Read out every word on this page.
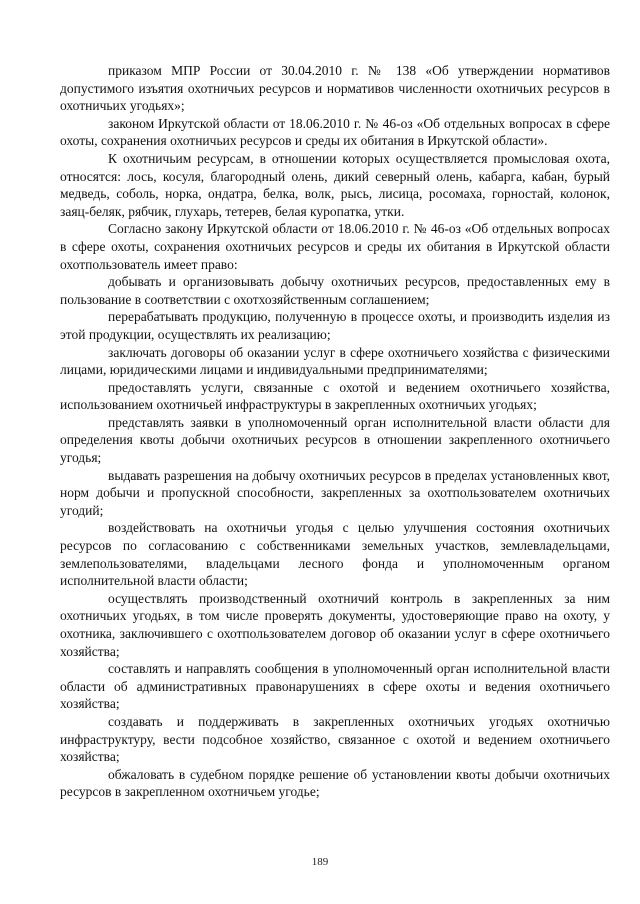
приказом МПР России от 30.04.2010 г. № 138 «Об утверждении нормативов допустимого изъятия охотничьих ресурсов и нормативов численности охотничьих ресурсов в охотничьих угодьях»;

законом Иркутской области от 18.06.2010 г. № 46-оз «Об отдельных вопросах в сфере охоты, сохранения охотничьих ресурсов и среды их обитания в Иркутской области».

К охотничьим ресурсам, в отношении которых осуществляется промысловая охота, относятся: лось, косуля, благородный олень, дикий северный олень, кабарга, кабан, бурый медведь, соболь, норка, ондатра, белка, волк, рысь, лисица, росомаха, горностай, колонок, заяц-беляк, рябчик, глухарь, тетерев, белая куропатка, утки.

Согласно закону Иркутской области от 18.06.2010 г. № 46-оз «Об отдельных вопросах в сфере охоты, сохранения охотничьих ресурсов и среды их обитания в Иркутской области охотпользователь имеет право:

добывать и организовывать добычу охотничьих ресурсов, предоставленных ему в пользование в соответствии с охотхозяйственным соглашением;

перерабатывать продукцию, полученную в процессе охоты, и производить изделия из этой продукции, осуществлять их реализацию;

заключать договоры об оказании услуг в сфере охотничьего хозяйства с физическими лицами, юридическими лицами и индивидуальными предпринимателями;

предоставлять услуги, связанные с охотой и ведением охотничьего хозяйства, использованием охотничьей инфраструктуры в закрепленных охотничьих угодьях;

представлять заявки в уполномоченный орган исполнительной власти области для определения квоты добычи охотничьих ресурсов в отношении закрепленного охотничьего угодья;

выдавать разрешения на добычу охотничьих ресурсов в пределах установленных квот, норм добычи и пропускной способности, закрепленных за охотпользователем охотничьих угодий;

воздействовать на охотничьи угодья с целью улучшения состояния охотничьих ресурсов по согласованию с собственниками земельных участков, землевладельцами, землепользователями, владельцами лесного фонда и уполномоченным органом исполнительной власти области;

осуществлять производственный охотничий контроль в закрепленных за ним охотничьих угодьях, в том числе проверять документы, удостоверяющие право на охоту, у охотника, заключившего с охотпользователем договор об оказании услуг в сфере охотничьего хозяйства;

составлять и направлять сообщения в уполномоченный орган исполнительной власти области об административных правонарушениях в сфере охоты и ведения охотничьего хозяйства;

создавать и поддерживать в закрепленных охотничьих угодьях охотничью инфраструктуру, вести подсобное хозяйство, связанное с охотой и ведением охотничьего хозяйства;

обжаловать в судебном порядке решение об установлении квоты добычи охотничьих ресурсов в закрепленном охотничьем угодье;

189
